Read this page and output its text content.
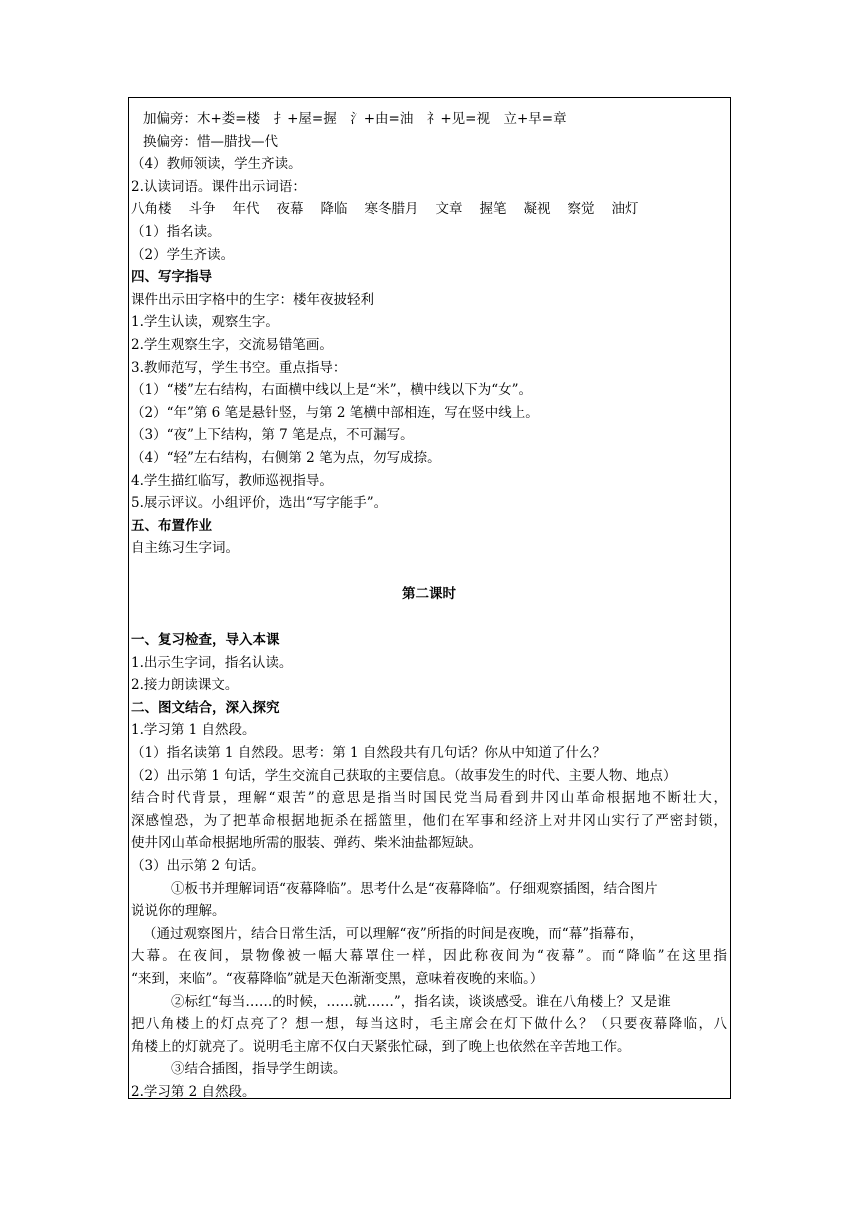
加偏旁：木+娄=楼　扌+屋=握　氵+由=油　礻+见=视　立+早=章
换偏旁：惜—腊找—代
（4）教师领读，学生齐读。
2.认读词语。课件出示词语：
八角楼 斗争 年代 夜幕 降临 寒冬腊月 文章 握笔 凝视 察觉 油灯
（1）指名读。
（2）学生齐读。
四、写字指导
课件出示田字格中的生字：楼年夜披轻利
1.学生认读，观察生字。
2.学生观察生字，交流易错笔画。
3.教师范写，学生书空。重点指导：
（1）“楼”左右结构，右面横中线以上是“米”，横中线以下为“女”。
（2）“年”第 6 笔是悬针竖，与第 2 笔横中部相连，写在竖中线上。
（3）“夜”上下结构，第 7 笔是点，不可漏写。
（4）“轻”左右结构，右侧第 2 笔为点，勿写成捺。
4.学生描红临写，教师巡视指导。
5.展示评议。小组评价，选出“写字能手”。
五、布置作业
自主练习生字词。
第二课时
一、复习检查，导入本课
1.出示生字词，指名认读。
2.接力朗读课文。
二、图文结合，深入探究
1.学习第 1 自然段。
（1）指名读第 1 自然段。思考：第 1 自然段共有几句话？你从中知道了什么？
（2）出示第 1 句话，学生交流自己获取的主要信息。（故事发生的时代、主要人物、地点）
结合时代背景，理解“艰苦”的意思是指当时国民党当局看到井冈山革命根据地不断壮大，
深感惶恐，为了把革命根据地扼杀在摇篮里，他们在军事和经济上对井冈山实行了严密封锁，
使井冈山革命根据地所需的服装、弹药、柴米油盐都短缺。
（3）出示第 2 句话。
①板书并理解词语“夜幕降临”。思考什么是“夜幕降临”。仔细观察插图，结合图片
说说你的理解。
（通过观察图片，结合日常生活，可以理解“夜”所指的时间是夜晚，而“幕”指幕布，
大幕。在夜间，景物像被一幅大幕罩住一样，因此称夜间为“夜幕”。而“降临”在这里指
“来到，来临”。“夜幕降临”就是天色渐渐变黑，意味着夜晚的来临。）
②标红“每当……的时候，……就……”，指名读，谈谈感受。谁在八角楼上？又是谁
把八角楼上的灯点亮了？想一想，每当这时，毛主席会在灯下做什么？（只要夜幕降临，八
角楼上的灯就亮了。说明毛主席不仅白天紧张忙碌，到了晚上也依然在辛苦地工作。
③结合插图，指导学生朗读。
2.学习第 2 自然段。
